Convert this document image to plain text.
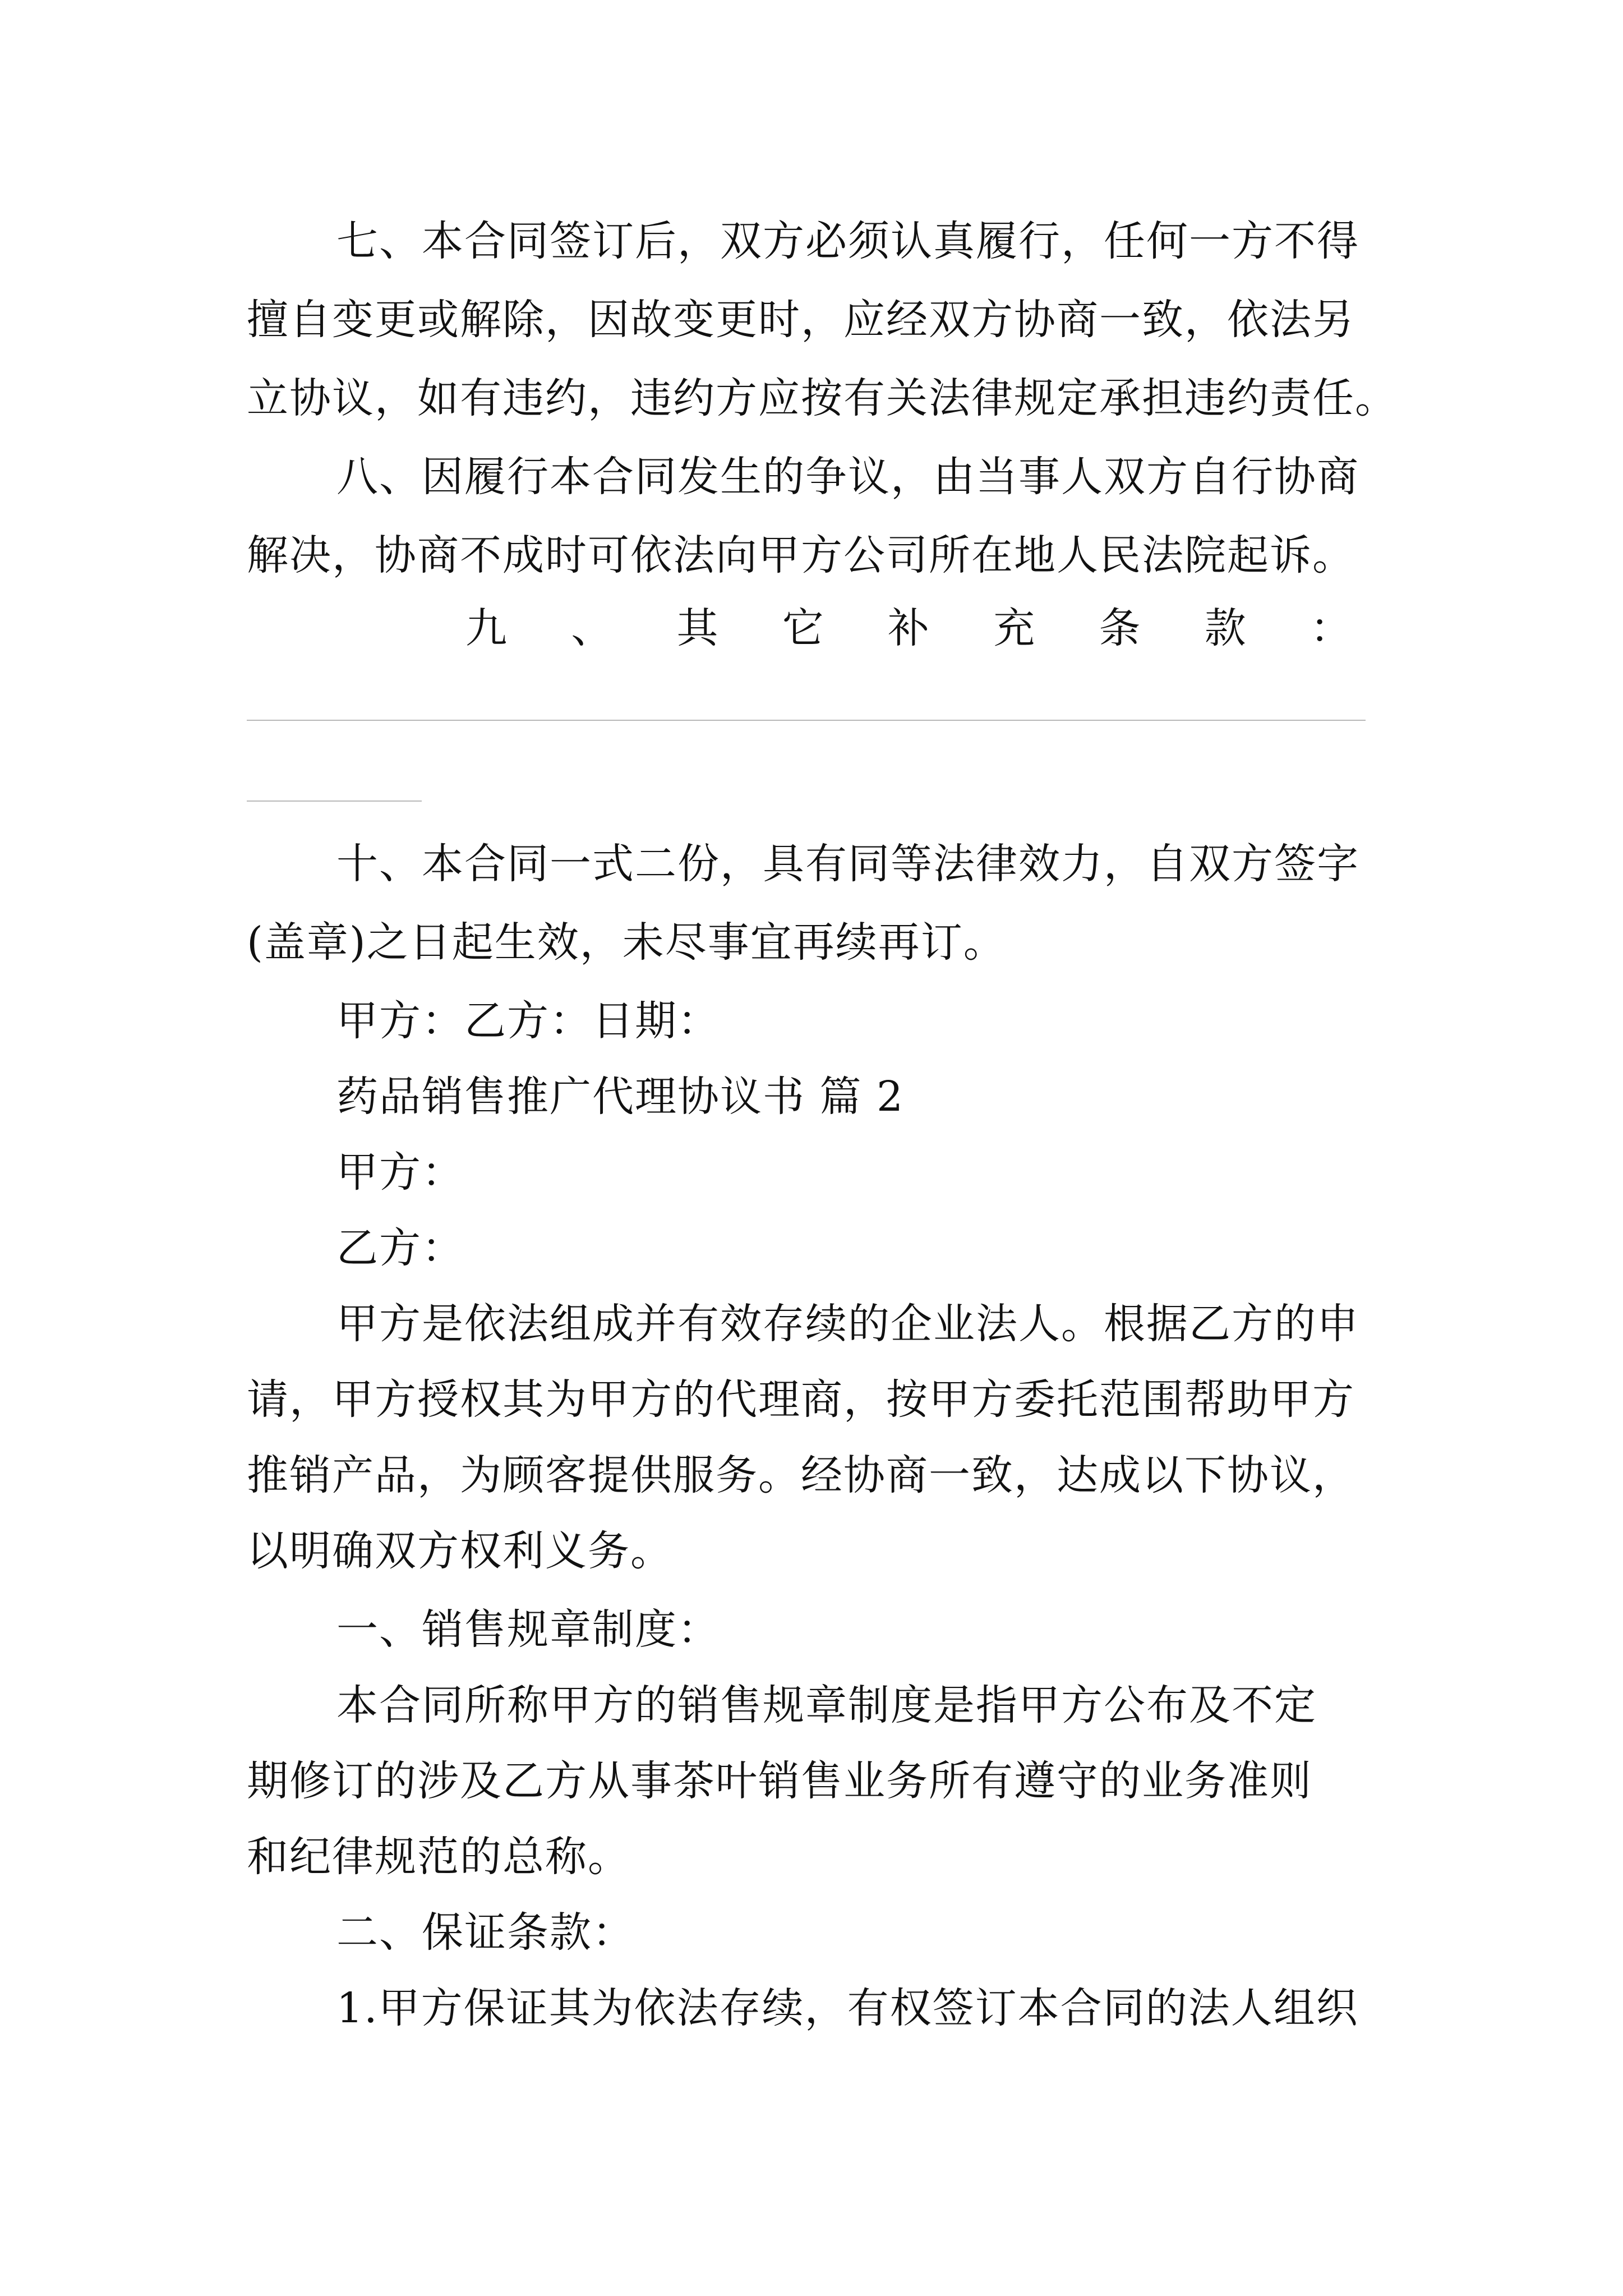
七、本合同签订后，双方必须认真履行，任何一方不得
擅自变更或解除，因故变更时，应经双方协商一致，依法另
立协议，如有违约，违约方应按有关法律规定承担违约责任。
八、因履行本合同发生的争议，由当事人双方自行协商
解决，协商不成时可依法向甲方公司所在地人民法院起诉。
九 、 其 它 补 充 条 款 ：
十、本合同一式二份，具有同等法律效力，自双方签字
(盖章)之日起生效，未尽事宜再续再订。
甲方：乙方：日期：
药品销售推广代理协议书 篇 2
甲方：
乙方：
甲方是依法组成并有效存续的企业法人。根据乙方的申
请，甲方授权其为甲方的代理商，按甲方委托范围帮助甲方
推销产品，为顾客提供服务。经协商一致，达成以下协议，
以明确双方权利义务。
一、销售规章制度：
本合同所称甲方的销售规章制度是指甲方公布及不定
期修订的涉及乙方从事茶叶销售业务所有遵守的业务准则
和纪律规范的总称。
二、保证条款：
1.甲方保证其为依法存续，有权签订本合同的法人组织
